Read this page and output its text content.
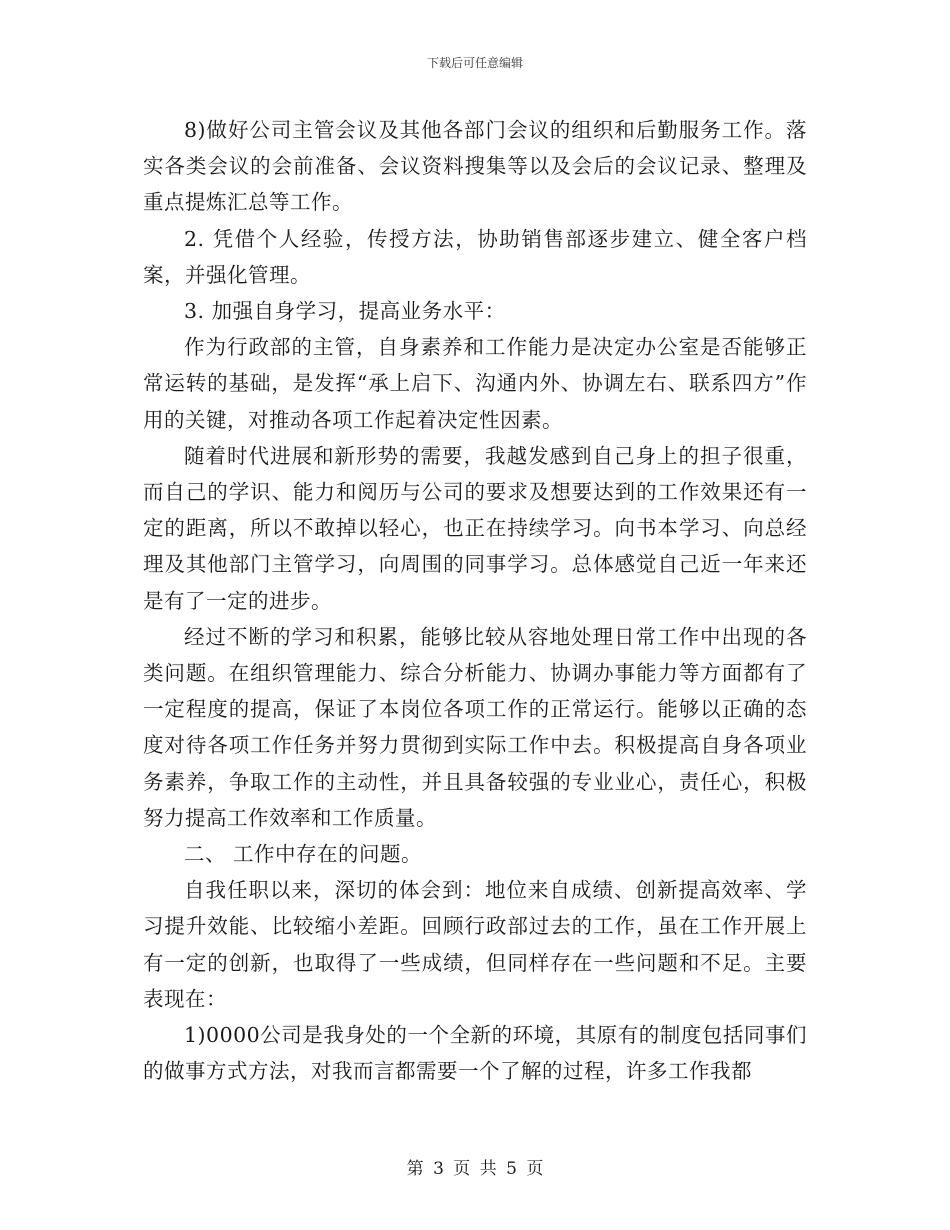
下载后可任意编辑

8)做好公司主管会议及其他各部门会议的组织和后勤服务工作。落实各类会议的会前准备、会议资料搜集等以及会后的会议记录、整理及重点提炼汇总等工作。

2. 凭借个人经验，传授方法，协助销售部逐步建立、健全客户档案，并强化管理。

3. 加强自身学习，提高业务水平：

作为行政部的主管，自身素养和工作能力是决定办公室是否能够正常运转的基础，是发挥“承上启下、沟通内外、协调左右、联系四方”作用的关键，对推动各项工作起着决定性因素。

随着时代进展和新形势的需要，我越发感到自己身上的担子很重，而自己的学识、能力和阅历与公司的要求及想要达到的工作效果还有一定的距离，所以不敢掉以轻心，也正在持续学习。向书本学习、向总经理及其他部门主管学习，向周围的同事学习。总体感觉自己近一年来还是有了一定的进步。

经过不断的学习和积累，能够比较从容地处理日常工作中出现的各类问题。在组织管理能力、综合分析能力、协调办事能力等方面都有了一定程度的提高，保证了本岗位各项工作的正常运行。能够以正确的态度对待各项工作任务并努力贯彻到实际工作中去。积极提高自身各项业务素养，争取工作的主动性，并且具备较强的专业业心，责任心，积极努力提高工作效率和工作质量。

二、 工作中存在的问题。

自我任职以来，深切的体会到：地位来自成绩、创新提高效率、学习提升效能、比较缩小差距。回顾行政部过去的工作，虽在工作开展上有一定的创新，也取得了一些成绩，但同样存在一些问题和不足。主要表现在：

1)0000公司是我身处的一个全新的环境，其原有的制度包括同事们的做事方式方法，对我而言都需要一个了解的过程，许多工作我都

第 3 页 共 5 页
